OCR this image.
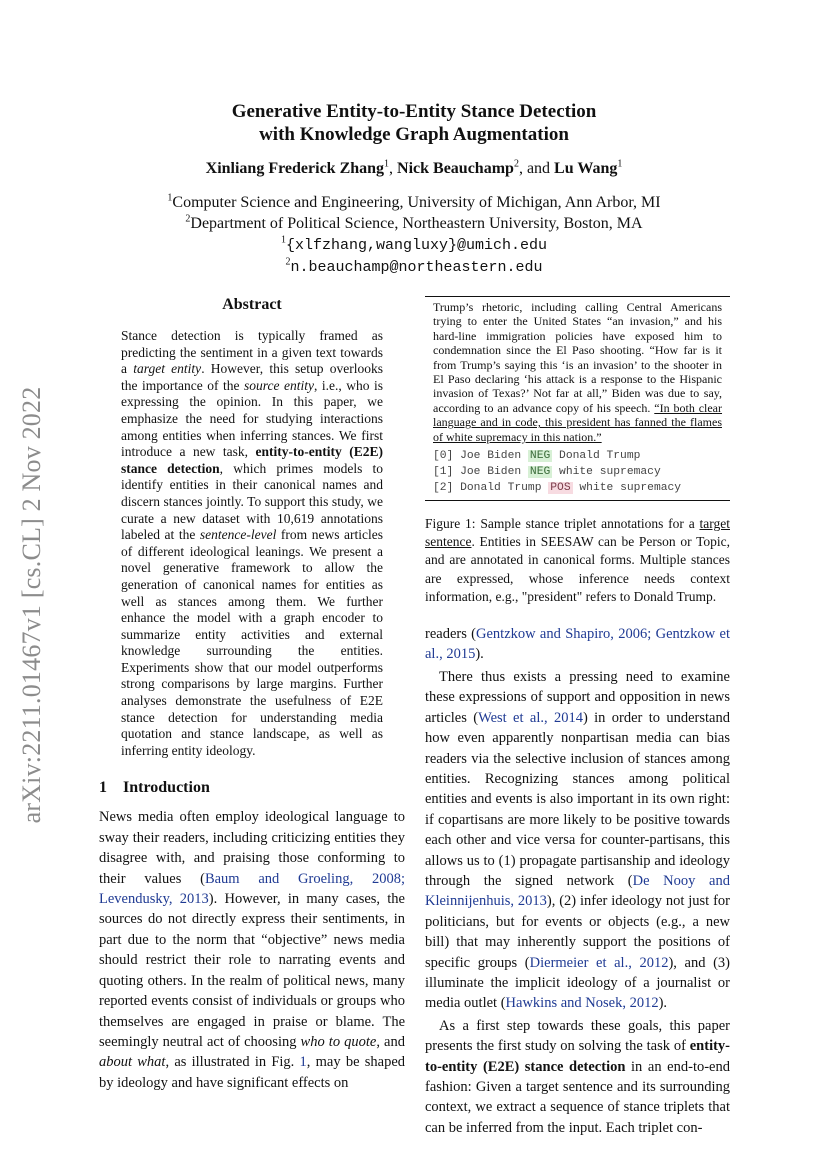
arXiv:2211.01467v1 [cs.CL] 2 Nov 2022
Generative Entity-to-Entity Stance Detection
with Knowledge Graph Augmentation
Xinliang Frederick Zhang$^1$, Nick Beauchamp$^2$, and Lu Wang$^1$
$^1$Computer Science and Engineering, University of Michigan, Ann Arbor, MI
$^2$Department of Political Science, Northeastern University, Boston, MA
$^1${xlfzhang,wangluxy}@umich.edu
$^2$n.beauchamp@northeastern.edu
Abstract
Stance detection is typically framed as predicting the sentiment in a given text towards a target entity. However, this setup overlooks the importance of the source entity, i.e., who is expressing the opinion. In this paper, we emphasize the need for studying interactions among entities when inferring stances. We first introduce a new task, entity-to-entity (E2E) stance detection, which primes models to identify entities in their canonical names and discern stances jointly. To support this study, we curate a new dataset with 10,619 annotations labeled at the sentence-level from news articles of different ideological leanings. We present a novel generative framework to allow the generation of canonical names for entities as well as stances among them. We further enhance the model with a graph encoder to summarize entity activities and external knowledge surrounding the entities. Experiments show that our model outperforms strong comparisons by large margins. Further analyses demonstrate the usefulness of E2E stance detection for understanding media quotation and stance landscape, as well as inferring entity ideology.
1 Introduction

News media often employ ideological language to sway their readers, including criticizing entities they disagree with, and praising those conforming to their values (Baum and Groeling, 2008; Levendusky, 2013). However, in many cases, the sources do not directly express their sentiments, in part due to the norm that “objective” news media should restrict their role to narrating events and quoting others. In the realm of political news, many reported events consist of individuals or groups who themselves are engaged in praise or blame. The seemingly neutral act of choosing who to quote, and about what, as illustrated in Fig. 1, may be shaped by ideology and have significant effects on

Trump’s rhetoric, including calling Central Americans trying to enter the United States “an invasion,” and his hard-line immigration policies have exposed him to condemnation since the El Paso shooting. “How far is it from Trump’s saying this ‘is an invasion’ to the shooter in El Paso declaring ‘his attack is a response to the Hispanic invasion of Texas?’ Not far at all,” Biden was due to say, according to an advance copy of his speech. “In both clear language and in code, this president has fanned the flames of white supremacy in this nation.”
[0] Joe Biden NEG Donald Trump
[1] Joe Biden NEG white supremacy
[2] Donald Trump POS white supremacy
Figure 1: Sample stance triplet annotations for a target sentence. Entities in SEESAW can be Person or Topic, and are annotated in canonical forms. Multiple stances are expressed, whose inference needs context information, e.g., "president" refers to Donald Trump.

readers (Gentzkow and Shapiro, 2006; Gentzkow et al., 2015).

There thus exists a pressing need to examine these expressions of support and opposition in news articles (West et al., 2014) in order to understand how even apparently nonpartisan media can bias readers via the selective inclusion of stances among entities. Recognizing stances among political entities and events is also important in its own right: if copartisans are more likely to be positive towards each other and vice versa for counter-partisans, this allows us to (1) propagate partisanship and ideology through the signed network (De Nooy and Kleinnijenhuis, 2013), (2) infer ideology not just for politicians, but for events or objects (e.g., a new bill) that may inherently support the positions of specific groups (Diermeier et al., 2012), and (3) illuminate the implicit ideology of a journalist or media outlet (Hawkins and Nosek, 2012).

As a first step towards these goals, this paper presents the first study on solving the task of entity-to-entity (E2E) stance detection in an end-to-end fashion: Given a target sentence and its surrounding context, we extract a sequence of stance triplets that can be inferred from the input. Each triplet con-
